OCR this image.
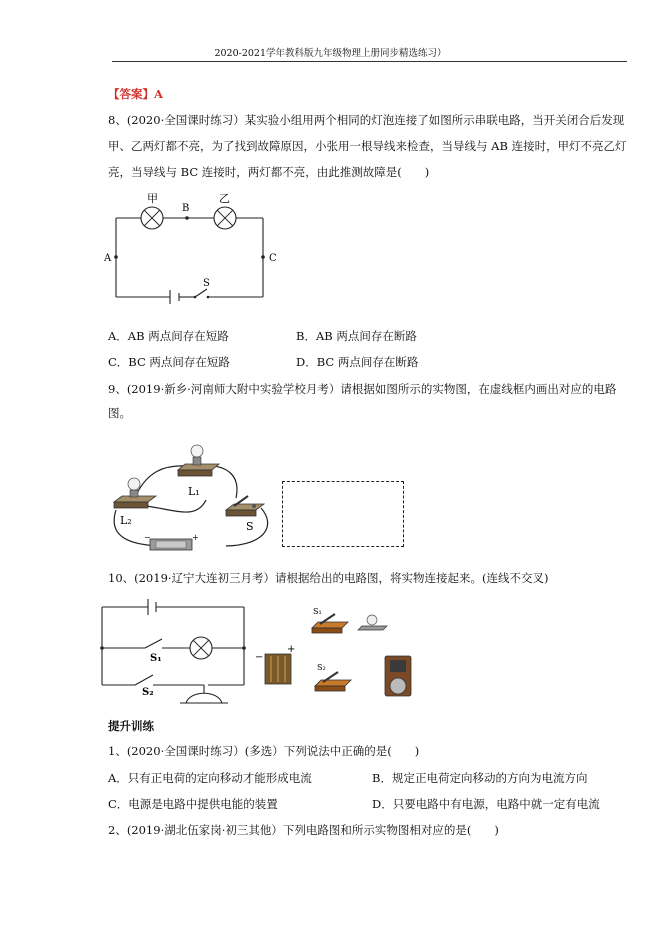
2020-2021学年教科版九年级物理上册同步精选练习）
【答案】A
8、(2020·全国课时练习）某实验小组用两个相同的灯泡连接了如图所示串联电路，当开关闭合后发现
甲、乙两灯都不亮，为了找到故障原因，小张用一根导线来检查，当导线与 AB 连接时，甲灯不亮乙灯
亮，当导线与 BC 连接时，两灯都不亮，由此推测故障是(　　)
甲	乙
B
A	C
S
A．AB 两点间存在短路	B．AB 两点间存在断路
C．BC 两点间存在短路	D．BC 两点间存在断路
9、(2019·新乡·河南师大附中实验学校月考）请根据如图所示的实物图，在虚线框内画出对应的电路
图。
−	+
L₁
L₂	S
10、(2019·辽宁大连初三月考）请根据给出的电路图，将实物连接起来。(连线不交叉)
S₁
S₂
−
+
S₁
S₂
提升训练
1、(2020·全国课时练习）(多选）下列说法中正确的是(　　)
A．只有正电荷的定向移动才能形成电流	B．规定正电荷定向移动的方向为电流方向
C．电源是电路中提供电能的装置	D．只要电路中有电源，电路中就一定有电流
2、(2019·湖北伍家岗·初三其他）下列电路图和所示实物图相对应的是(　　)
